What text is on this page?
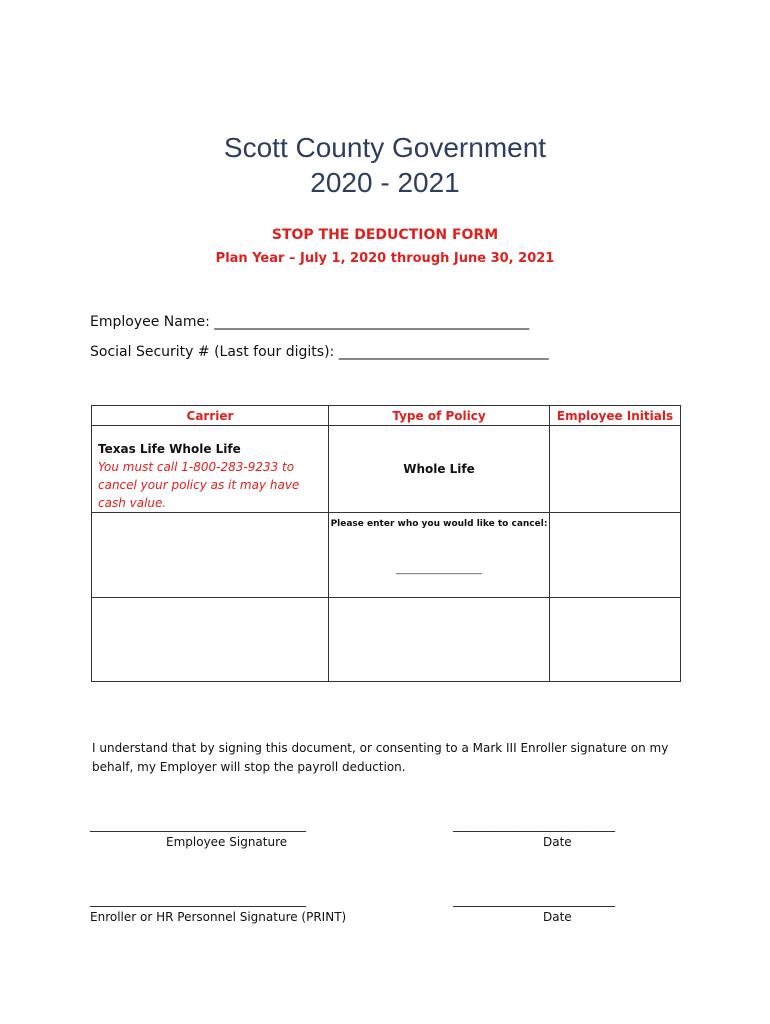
Scott County Government
2020 - 2021
STOP THE DEDUCTION FORM
Plan Year – July 1, 2020 through June 30, 2021
Employee Name: _____________________________________________
Social Security # (Last four digits): ______________________________
Carrier	Type of Policy	Employee Initials

Texas Life Whole Life
You must call 1-800-283-9233 to cancel your policy as it may have cash value.	Whole Life	

	Please enter who you would like to cancel:
___________________	

I understand that by signing this document, or consenting to a Mark III Enroller signature on my behalf, my Employer will stop the payroll deduction.
____________________________________	___________________________
Employee Signature	Date
____________________________________	___________________________
Enroller or HR Personnel Signature (PRINT)	Date
